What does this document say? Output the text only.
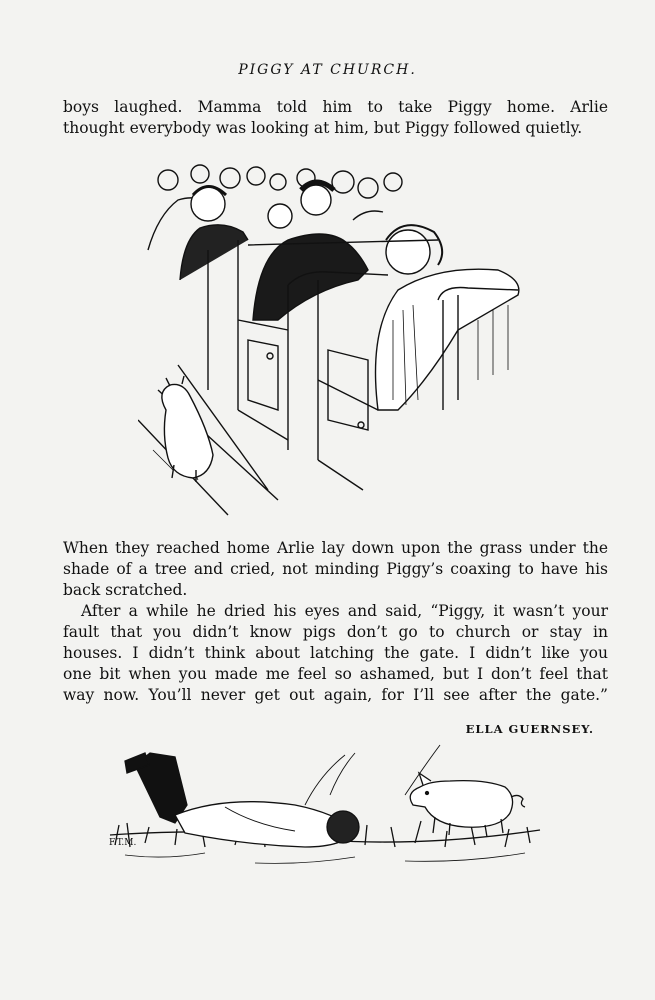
PIGGY AT CHURCH.
boys laughed. Mamma told him to take Piggy home. Arlie
thought everybody was looking at him, but Piggy followed quietly.
When they reached home Arlie lay down upon the grass under the
shade of a tree and cried, not minding Piggy’s coaxing to have his
back scratched.
After a while he dried his eyes and said, “Piggy, it wasn’t your
fault that you didn’t know pigs don’t go to church or stay in
houses. I didn’t think about latching the gate. I didn’t like you
one bit when you made me feel so ashamed, but I don’t feel that
way now. You’ll never get out again, for I’ll see after the gate.”
ELLA GUERNSEY.
F.T.M.
